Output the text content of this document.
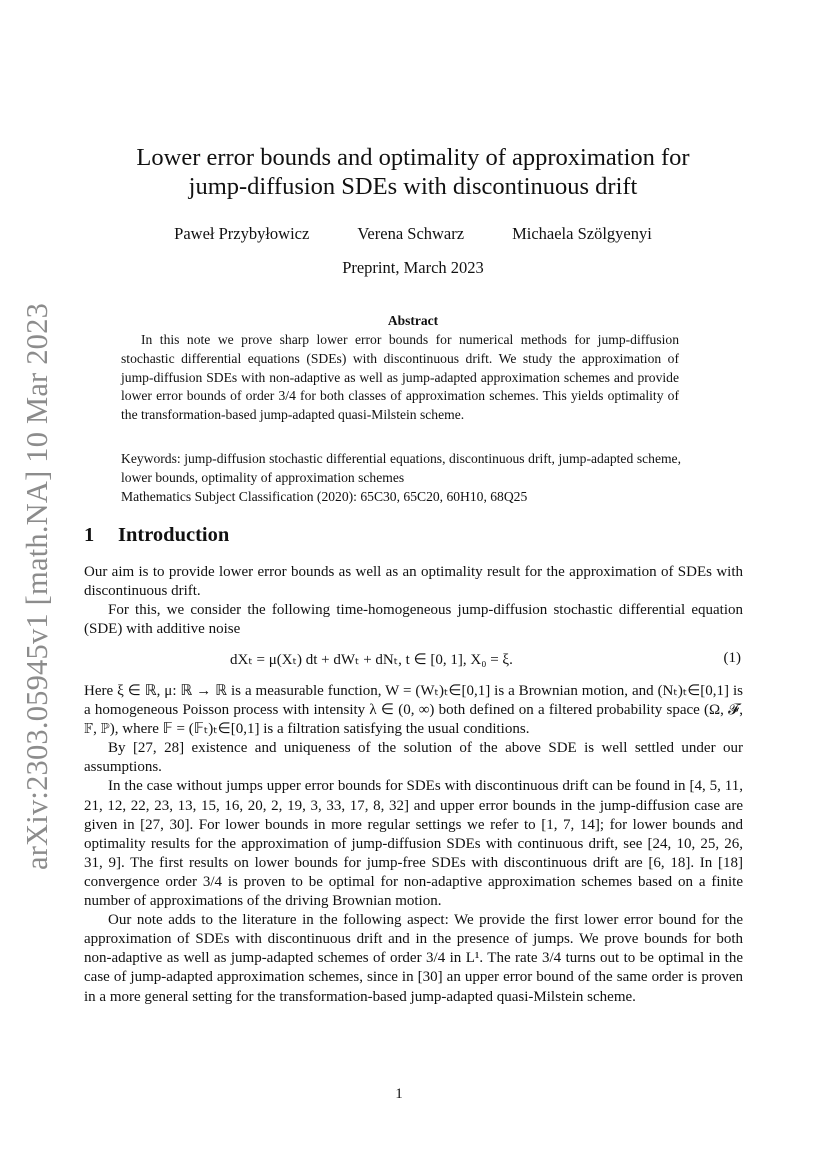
arXiv:2303.05945v1 [math.NA] 10 Mar 2023
Lower error bounds and optimality of approximation for
jump-diffusion SDEs with discontinuous drift
Paweł Przybyłowicz	Verena Schwarz	Michaela Szölgyenyi
Preprint, March 2023
Abstract
In this note we prove sharp lower error bounds for numerical methods for jump-diffusion stochastic differential equations (SDEs) with discontinuous drift. We study the approximation of jump-diffusion SDEs with non-adaptive as well as jump-adapted approximation schemes and provide lower error bounds of order 3/4 for both classes of approximation schemes. This yields optimality of the transformation-based jump-adapted quasi-Milstein scheme.
Keywords: jump-diffusion stochastic differential equations, discontinuous drift, jump-adapted scheme, lower bounds, optimality of approximation schemes
Mathematics Subject Classification (2020): 65C30, 65C20, 60H10, 68Q25
1 Introduction

Our aim is to provide lower error bounds as well as an optimality result for the approximation of SDEs with discontinuous drift.

For this, we consider the following time-homogeneous jump-diffusion stochastic differential equation (SDE) with additive noise

dXₜ = μ(Xₜ) dt + dWₜ + dNₜ, t ∈ [0, 1], X₀ = ξ.	(1)

Here ξ ∈ ℝ, μ: ℝ → ℝ is a measurable function, W = (Wₜ)ₜ∈[0,1] is a Brownian motion, and (Nₜ)ₜ∈[0,1] is a homogeneous Poisson process with intensity λ ∈ (0, ∞) both defined on a filtered probability space (Ω, 𝓕, 𝔽, ℙ), where 𝔽 = (𝔽ₜ)ₜ∈[0,1] is a filtration satisfying the usual conditions.

By [27, 28] existence and uniqueness of the solution of the above SDE is well settled under our assumptions.

In the case without jumps upper error bounds for SDEs with discontinuous drift can be found in [4, 5, 11, 21, 12, 22, 23, 13, 15, 16, 20, 2, 19, 3, 33, 17, 8, 32] and upper error bounds in the jump-diffusion case are given in [27, 30]. For lower bounds in more regular settings we refer to [1, 7, 14]; for lower bounds and optimality results for the approximation of jump-diffusion SDEs with continuous drift, see [24, 10, 25, 26, 31, 9]. The first results on lower bounds for jump-free SDEs with discontinuous drift are [6, 18]. In [18] convergence order 3/4 is proven to be optimal for non-adaptive approximation schemes based on a finite number of approximations of the driving Brownian motion.

Our note adds to the literature in the following aspect: We provide the first lower error bound for the approximation of SDEs with discontinuous drift and in the presence of jumps. We prove bounds for both non-adaptive as well as jump-adapted schemes of order 3/4 in L¹. The rate 3/4 turns out to be optimal in the case of jump-adapted approximation schemes, since in [30] an upper error bound of the same order is proven in a more general setting for the transformation-based jump-adapted quasi-Milstein scheme.

1
